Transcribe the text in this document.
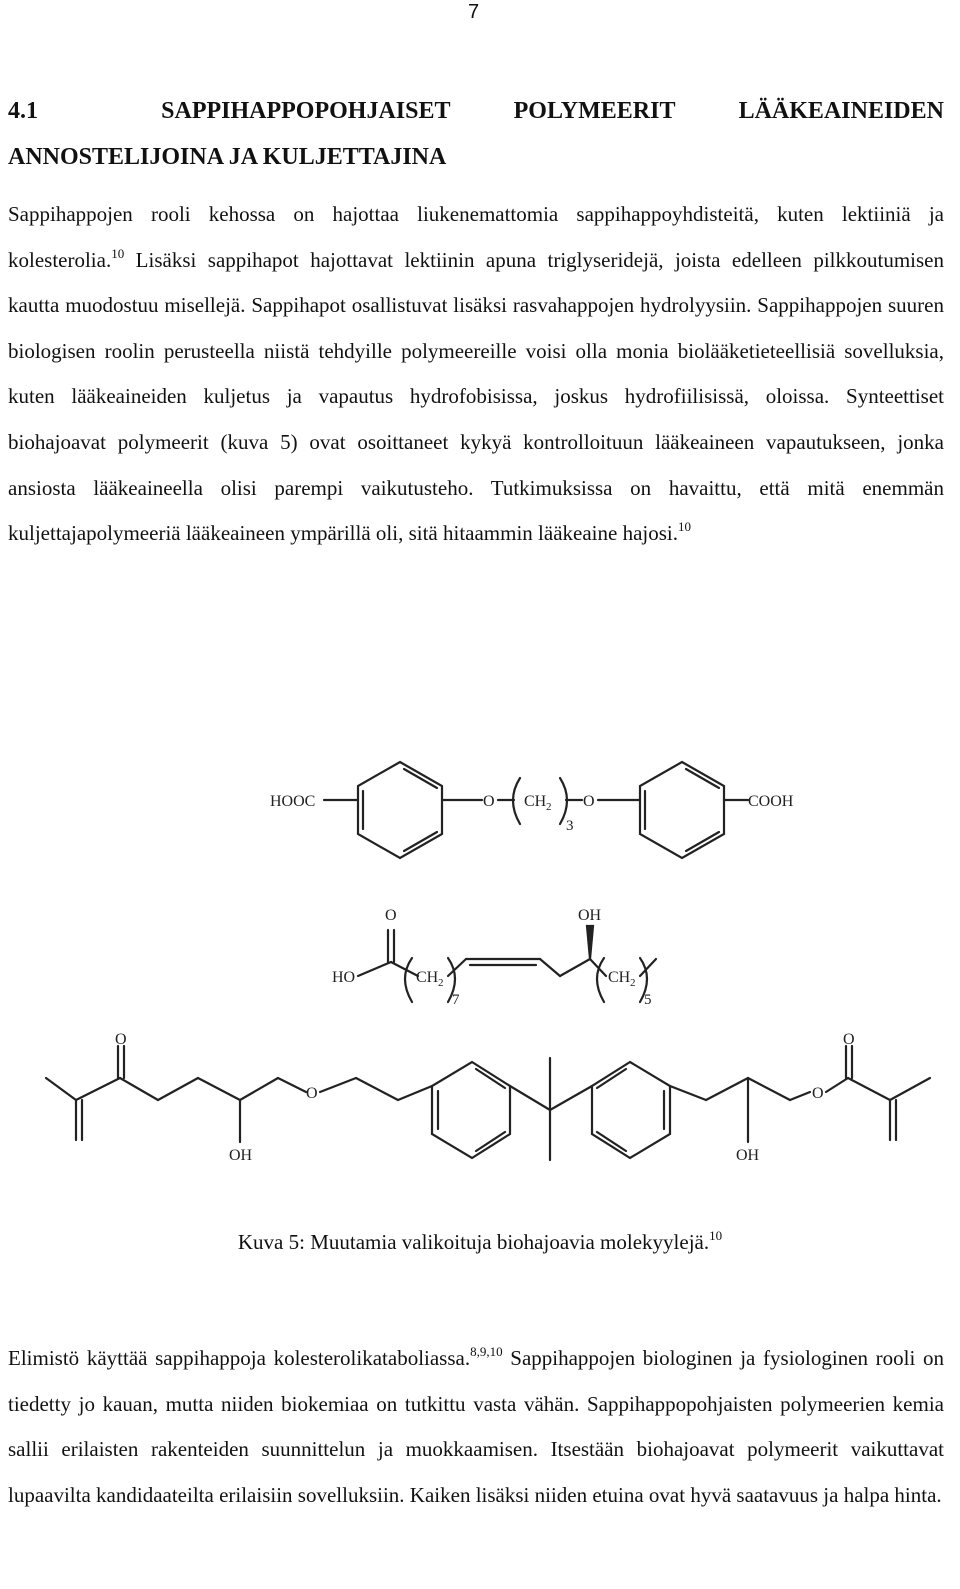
7
4.1	SAPPIHAPPOPOHJAISET	POLYMEERIT	LÄÄKEAINEIDEN
ANNOSTELIJOINA JA KULJETTAJINA
Sappihappojen rooli kehossa on hajottaa liukenemattomia sappihappoyhdisteitä, kuten lektiiniä ja kolesterolia.$^{10}$ Lisäksi sappihapot hajottavat lektiinin apuna triglyseridejä, joista edelleen pilkkoutumisen kautta muodostuu misellejä. Sappihapot osallistuvat lisäksi rasvahappojen hydrolyysiin. Sappihappojen suuren biologisen roolin perusteella niistä tehdyille polymeereille voisi olla monia biolääketieteellisiä sovelluksia, kuten lääkeaineiden kuljetus ja vapautus hydrofobisissa, joskus hydrofiilisissä, oloissa. Synteettiset biohajoavat polymeerit (kuva 5) ovat osoittaneet kykyä kontrolloituun lääkeaineen vapautukseen, jonka ansiosta lääkeaineella olisi parempi vaikutusteho. Tutkimuksissa on havaittu, että mitä enemmän kuljettajapolymeeriä lääkeaineen ympärillä oli, sitä hitaammin lääkeaine hajosi.$^{10}$
HOOC	O CH 2
3
O	COOH
O
HO	CH 2
7
OH
CH 2
5
O
O
OH	OH
O
O
Kuva 5: Muutamia valikoituja biohajoavia molekyylejä.$^{10}$
Elimistö käyttää sappihappoja kolesterolikataboliassa.$^{8,9,10}$ Sappihappojen biologinen ja fysiologinen rooli on tiedetty jo kauan, mutta niiden biokemiaa on tutkittu vasta vähän. Sappihappopohjaisten polymeerien kemia sallii erilaisten rakenteiden suunnittelun ja muokkaamisen. Itsestään biohajoavat polymeerit vaikuttavat lupaavilta kandidaateilta erilaisiin sovelluksiin. Kaiken lisäksi niiden etuina ovat hyvä saatavuus ja halpa hinta.
